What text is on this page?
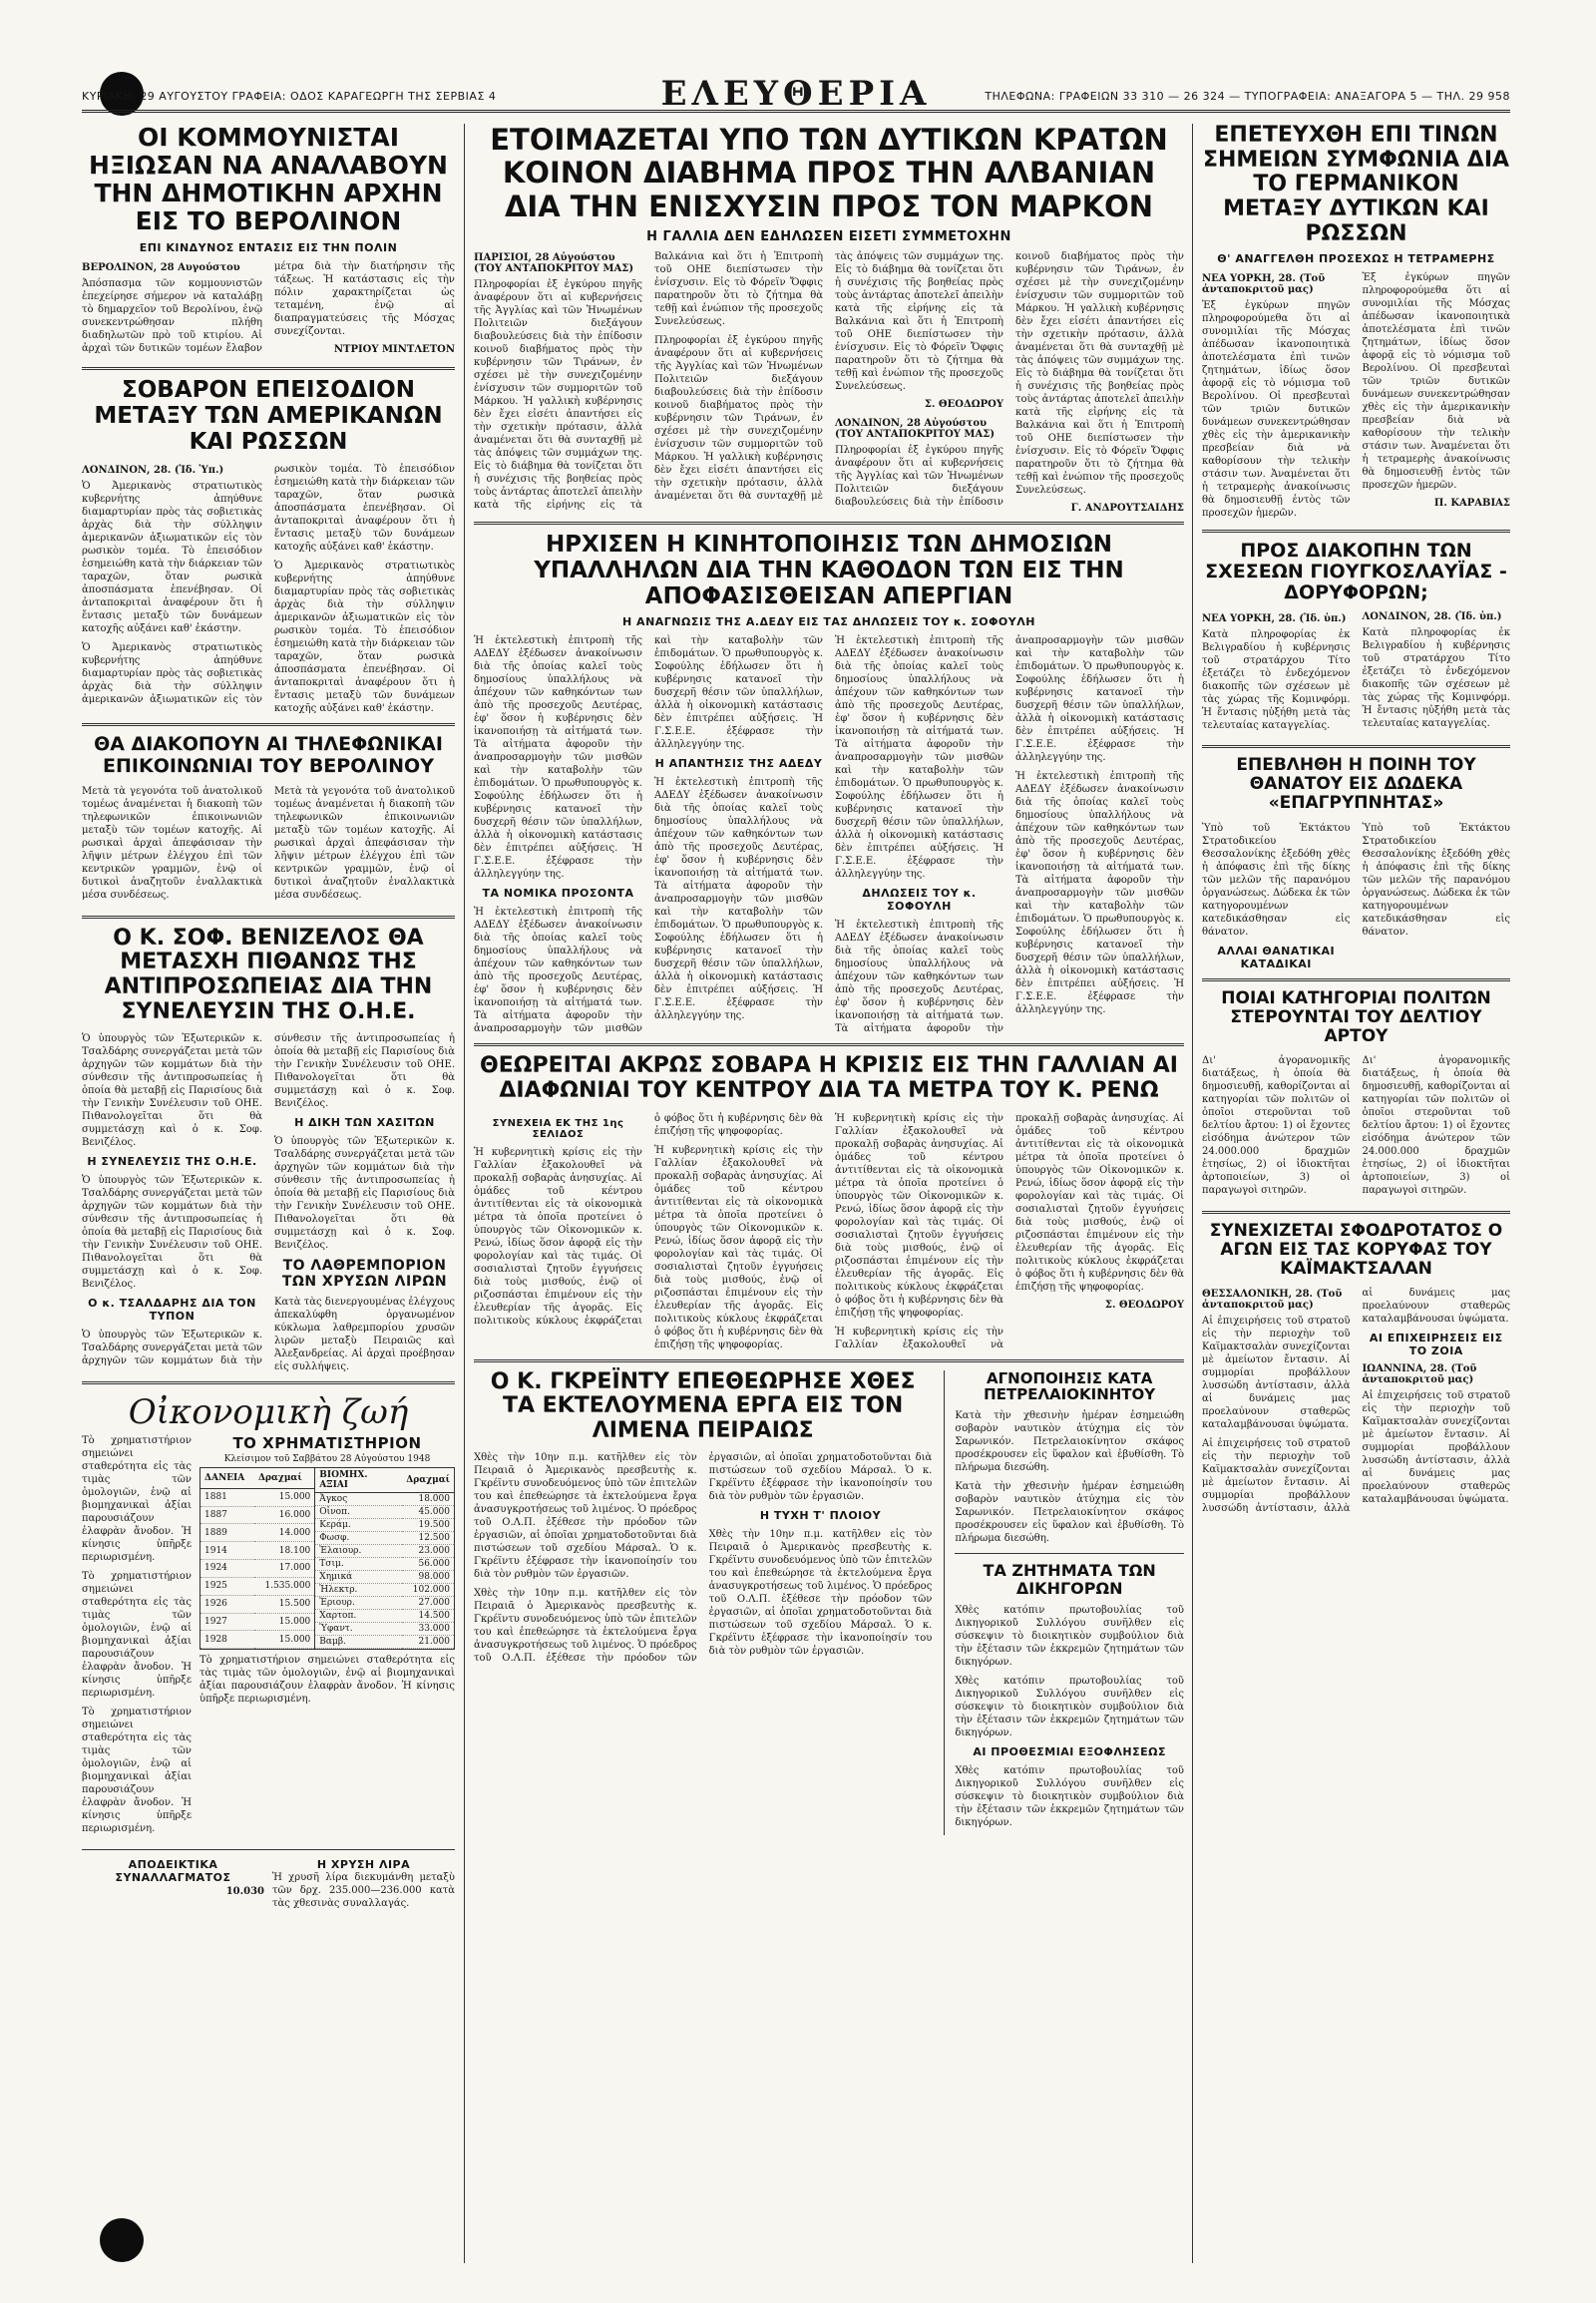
ΚΥΡΙΑΚΗ, 29 ΑΥΓΟΥΣΤΟΥ ΓΡΑΦΕΙΑ: ΟΔΟΣ ΚΑΡΑΓΕΩΡΓΗ ΤΗΣ ΣΕΡΒΙΑΣ 4	ΕΛΕΥΘΕΡΙΑ	ΤΗΛΕΦΩΝΑ: ΓΡΑΦΕΙΩΝ 33 310 — 26 324 — ΤΥΠΟΓΡΑΦΕΙΑ: ΑΝΑΞΑΓΟΡΑ 5 — ΤΗΛ. 29 958
ΟΙ ΚΟΜΜΟΥΝΙΣΤΑΙ ΗΞΙΩΣΑΝ ΝΑ ΑΝΑΛΑΒΟΥΝ ΤΗΝ ΔΗΜΟΤΙΚΗΝ ΑΡΧΗΝ ΕΙΣ ΤΟ ΒΕΡΟΛΙΝΟΝ
ΕΠΙ ΚΙΝΔΥΝΟΣ ΕΝΤΑΣΙΣ ΕΙΣ ΤΗΝ ΠΟΛΙΝ
ΒΕΡΟΛΙΝΟΝ, 28 Αυγούστου

Ἀπόσπασμα τῶν κομμουνιστῶν ἐπεχείρησε σήμερον νὰ καταλάβῃ τὸ δημαρχεῖον τοῦ Βερολίνου, ἐνῷ συνεκεντρώθησαν πλήθη διαδηλωτῶν πρὸ τοῦ κτιρίου. Αἱ ἀρχαὶ τῶν δυτικῶν τομέων ἔλαβον μέτρα διὰ τὴν διατήρησιν τῆς τάξεως. Ἡ κατάστασις εἰς τὴν πόλιν χαρακτηρίζεται ὡς τεταμένη, ἐνῷ αἱ διαπραγματεύσεις τῆς Μόσχας συνεχίζονται.

ΝΤΡΙΟΥ ΜΙΝΤΛΕΤΟΝ
ΣΟΒΑΡΟΝ ΕΠΕΙΣΟΔΙΟΝ ΜΕΤΑΞΥ ΤΩΝ ΑΜΕΡΙΚΑΝΩΝ ΚΑΙ ΡΩΣΣΩΝ
ΛΟΝΔΙΝΟΝ, 28. (Ἰδ. Ὑπ.)

Ὁ Ἀμερικανὸς στρατιωτικὸς κυβερνήτης ἀπηύθυνε διαμαρτυρίαν πρὸς τὰς σοβιετικὰς ἀρχὰς διὰ τὴν σύλληψιν ἀμερικανῶν ἀξιωματικῶν εἰς τὸν ρωσικὸν τομέα. Τὸ ἐπεισόδιον ἐσημειώθη κατὰ τὴν διάρκειαν τῶν ταραχῶν, ὅταν ρωσικὰ ἀποσπάσματα ἐπενέβησαν. Οἱ ἀνταποκριταὶ ἀναφέρουν ὅτι ἡ ἔντασις μεταξὺ τῶν δυνάμεων κατοχῆς αὐξάνει καθ' ἑκάστην.

Ὁ Ἀμερικανὸς στρατιωτικὸς κυβερνήτης ἀπηύθυνε διαμαρτυρίαν πρὸς τὰς σοβιετικὰς ἀρχὰς διὰ τὴν σύλληψιν ἀμερικανῶν ἀξιωματικῶν εἰς τὸν ρωσικὸν τομέα. Τὸ ἐπεισόδιον ἐσημειώθη κατὰ τὴν διάρκειαν τῶν ταραχῶν, ὅταν ρωσικὰ ἀποσπάσματα ἐπενέβησαν. Οἱ ἀνταποκριταὶ ἀναφέρουν ὅτι ἡ ἔντασις μεταξὺ τῶν δυνάμεων κατοχῆς αὐξάνει καθ' ἑκάστην.

Ὁ Ἀμερικανὸς στρατιωτικὸς κυβερνήτης ἀπηύθυνε διαμαρτυρίαν πρὸς τὰς σοβιετικὰς ἀρχὰς διὰ τὴν σύλληψιν ἀμερικανῶν ἀξιωματικῶν εἰς τὸν ρωσικὸν τομέα. Τὸ ἐπεισόδιον ἐσημειώθη κατὰ τὴν διάρκειαν τῶν ταραχῶν, ὅταν ρωσικὰ ἀποσπάσματα ἐπενέβησαν. Οἱ ἀνταποκριταὶ ἀναφέρουν ὅτι ἡ ἔντασις μεταξὺ τῶν δυνάμεων κατοχῆς αὐξάνει καθ' ἑκάστην.

ΘΑ ΔΙΑΚΟΠΟΥΝ ΑΙ ΤΗΛΕΦΩΝΙΚΑΙ ΕΠΙΚΟΙΝΩΝΙΑΙ ΤΟΥ ΒΕΡΟΛΙΝΟΥ

Μετὰ τὰ γεγονότα τοῦ ἀνατολικοῦ τομέως ἀναμένεται ἡ διακοπὴ τῶν τηλεφωνικῶν ἐπικοινωνιῶν μεταξὺ τῶν τομέων κατοχῆς. Αἱ ρωσικαὶ ἀρχαὶ ἀπεφάσισαν τὴν λῆψιν μέτρων ἐλέγχου ἐπὶ τῶν κεντρικῶν γραμμῶν, ἐνῷ οἱ δυτικοὶ ἀναζητοῦν ἐναλλακτικὰ μέσα συνδέσεως.

Μετὰ τὰ γεγονότα τοῦ ἀνατολικοῦ τομέως ἀναμένεται ἡ διακοπὴ τῶν τηλεφωνικῶν ἐπικοινωνιῶν μεταξὺ τῶν τομέων κατοχῆς. Αἱ ρωσικαὶ ἀρχαὶ ἀπεφάσισαν τὴν λῆψιν μέτρων ἐλέγχου ἐπὶ τῶν κεντρικῶν γραμμῶν, ἐνῷ οἱ δυτικοὶ ἀναζητοῦν ἐναλλακτικὰ μέσα συνδέσεως.

Ο Κ. ΣΟΦ. ΒΕΝΙΖΕΛΟΣ ΘΑ ΜΕΤΑΣΧΗ ΠΙΘΑΝΩΣ ΤΗΣ ΑΝΤΙΠΡΟΣΩΠΕΙΑΣ ΔΙΑ ΤΗΝ ΣΥΝΕΛΕΥΣΙΝ ΤΗΣ Ο.Η.Ε.

Ὁ ὑπουργὸς τῶν Ἐξωτερικῶν κ. Τσαλδάρης συνεργάζεται μετὰ τῶν ἀρχηγῶν τῶν κομμάτων διὰ τὴν σύνθεσιν τῆς ἀντιπροσωπείας ἡ ὁποία θὰ μεταβῇ εἰς Παρισίους διὰ τὴν Γενικὴν Συνέλευσιν τοῦ ΟΗΕ. Πιθανολογεῖται ὅτι θὰ συμμετάσχῃ καὶ ὁ κ. Σοφ. Βενιζέλος.

Η ΣΥΝΕΛΕΥΣΙΣ ΤΗΣ Ο.Η.Ε.

Ὁ ὑπουργὸς τῶν Ἐξωτερικῶν κ. Τσαλδάρης συνεργάζεται μετὰ τῶν ἀρχηγῶν τῶν κομμάτων διὰ τὴν σύνθεσιν τῆς ἀντιπροσωπείας ἡ ὁποία θὰ μεταβῇ εἰς Παρισίους διὰ τὴν Γενικὴν Συνέλευσιν τοῦ ΟΗΕ. Πιθανολογεῖται ὅτι θὰ συμμετάσχῃ καὶ ὁ κ. Σοφ. Βενιζέλος.

Ο κ. ΤΣΑΛΔΑΡΗΣ ΔΙΑ ΤΟΝ ΤΥΠΟΝ

Ὁ ὑπουργὸς τῶν Ἐξωτερικῶν κ. Τσαλδάρης συνεργάζεται μετὰ τῶν ἀρχηγῶν τῶν κομμάτων διὰ τὴν σύνθεσιν τῆς ἀντιπροσωπείας ἡ ὁποία θὰ μεταβῇ εἰς Παρισίους διὰ τὴν Γενικὴν Συνέλευσιν τοῦ ΟΗΕ. Πιθανολογεῖται ὅτι θὰ συμμετάσχῃ καὶ ὁ κ. Σοφ. Βενιζέλος.

Η ΔΙΚΗ ΤΩΝ ΧΑΣΙΤΩΝ

Ὁ ὑπουργὸς τῶν Ἐξωτερικῶν κ. Τσαλδάρης συνεργάζεται μετὰ τῶν ἀρχηγῶν τῶν κομμάτων διὰ τὴν σύνθεσιν τῆς ἀντιπροσωπείας ἡ ὁποία θὰ μεταβῇ εἰς Παρισίους διὰ τὴν Γενικὴν Συνέλευσιν τοῦ ΟΗΕ. Πιθανολογεῖται ὅτι θὰ συμμετάσχῃ καὶ ὁ κ. Σοφ. Βενιζέλος.

ΤΟ ΛΑΘΡΕΜΠΟΡΙΟΝ ΤΩΝ ΧΡΥΣΩΝ ΛΙΡΩΝ

Κατὰ τὰς διενεργουμένας ἐλέγχους ἀπεκαλύφθη ὀργανωμένον κύκλωμα λαθρεμπορίου χρυσῶν λιρῶν μεταξὺ Πειραιῶς καὶ Ἀλεξανδρείας. Αἱ ἀρχαὶ προέβησαν εἰς συλλήψεις.

Οἰκονομικὴ ζωή

Τὸ χρηματιστήριον σημειώνει σταθερότητα εἰς τὰς τιμὰς τῶν ὁμολογιῶν, ἐνῷ αἱ βιομηχανικαὶ ἀξίαι παρουσιάζουν ἐλαφρὰν ἄνοδον. Ἡ κίνησις ὑπῆρξε περιωρισμένη.

Τὸ χρηματιστήριον σημειώνει σταθερότητα εἰς τὰς τιμὰς τῶν ὁμολογιῶν, ἐνῷ αἱ βιομηχανικαὶ ἀξίαι παρουσιάζουν ἐλαφρὰν ἄνοδον. Ἡ κίνησις ὑπῆρξε περιωρισμένη.

Τὸ χρηματιστήριον σημειώνει σταθερότητα εἰς τὰς τιμὰς τῶν ὁμολογιῶν, ἐνῷ αἱ βιομηχανικαὶ ἀξίαι παρουσιάζουν ἐλαφρὰν ἄνοδον. Ἡ κίνησις ὑπῆρξε περιωρισμένη.

ΤΟ ΧΡΗΜΑΤΙΣΤΗΡΙΟΝ
Κλείσιμον τοῦ Σαββάτου 28 Αὐγούστου 1948
ΔΑΝΕΙΑ	Δραχμαί
1881	15.000
1887	16.000
1889	14.000
1914	18.100
1924	17.000
1925	1.535.000
1926	15.500
1927	15.000
1928	15.000
ΒΙΟΜΗΧ. ΑΞΙΑΙ	Δραχμαί
Ἀγκος	18.000
Οἰνοπ.	45.000
Κεράμ.	19.500
Φωσφ.	12.500
Ἐλαιουρ.	23.000
Τσιμ.	56.000
Χημικά	98.000
Ἡλεκτρ.	102.000
Ἐριουρ.	27.000
Χαρτοπ.	14.500
Ὑφαντ.	33.000
Βαμβ.	21.000

Τὸ χρηματιστήριον σημειώνει σταθερότητα εἰς τὰς τιμὰς τῶν ὁμολογιῶν, ἐνῷ αἱ βιομηχανικαὶ ἀξίαι παρουσιάζουν ἐλαφρὰν ἄνοδον. Ἡ κίνησις ὑπῆρξε περιωρισμένη.

ΑΠΟΔΕΙΚΤΙΚΑ ΣΥΝΑΛΛΑΓΜΑΤΟΣ
10.030
Η ΧΡΥΣΗ ΛΙΡΑ

Ἡ χρυσῆ λίρα διεκυμάνθη μεταξὺ τῶν δρχ. 235.000—236.000 κατὰ τὰς χθεσινὰς συναλλαγάς.

ΕΤΟΙΜΑΖΕΤΑΙ ΥΠΟ ΤΩΝ ΔΥΤΙΚΩΝ ΚΡΑΤΩΝ ΚΟΙΝΟΝ ΔΙΑΒΗΜΑ ΠΡΟΣ ΤΗΝ ΑΛΒΑΝΙΑΝ ΔΙΑ ΤΗΝ ΕΝΙΣΧΥΣΙΝ ΠΡΟΣ ΤΟΝ ΜΑΡΚΟΝ
Η ΓΑΛΛΙΑ ΔΕΝ ΕΔΗΛΩΣΕΝ ΕΙΣΕΤΙ ΣΥΜΜΕΤΟΧΗΝ
ΠΑΡΙΣΙΟΙ, 28 Αὐγούστου (ΤΟΥ ΑΝΤΑΠΟΚΡΙΤΟΥ ΜΑΣ)

Πληροφορίαι ἐξ ἐγκύρου πηγῆς ἀναφέρουν ὅτι αἱ κυβερνήσεις τῆς Ἀγγλίας καὶ τῶν Ἡνωμένων Πολιτειῶν διεξάγουν διαβουλεύσεις διὰ τὴν ἐπίδοσιν κοινοῦ διαβήματος πρὸς τὴν κυβέρνησιν τῶν Τιράνων, ἐν σχέσει μὲ τὴν συνεχιζομένην ἐνίσχυσιν τῶν συμμοριτῶν τοῦ Μάρκου. Ἡ γαλλικὴ κυβέρνησις δὲν ἔχει εἰσέτι ἀπαντήσει εἰς τὴν σχετικὴν πρότασιν, ἀλλὰ ἀναμένεται ὅτι θὰ συνταχθῇ μὲ τὰς ἀπόψεις τῶν συμμάχων της. Εἰς τὸ διάβημα θὰ τονίζεται ὅτι ἡ συνέχισις τῆς βοηθείας πρὸς τοὺς ἀντάρτας ἀποτελεῖ ἀπειλὴν κατὰ τῆς εἰρήνης εἰς τὰ Βαλκάνια καὶ ὅτι ἡ Ἐπιτροπὴ τοῦ ΟΗΕ διεπίστωσεν τὴν ἐνίσχυσιν. Εἰς τὸ Φόρεϊν Ὄφφις παρατηροῦν ὅτι τὸ ζήτημα θὰ τεθῇ καὶ ἐνώπιον τῆς προσεχοῦς Συνελεύσεως.

Πληροφορίαι ἐξ ἐγκύρου πηγῆς ἀναφέρουν ὅτι αἱ κυβερνήσεις τῆς Ἀγγλίας καὶ τῶν Ἡνωμένων Πολιτειῶν διεξάγουν διαβουλεύσεις διὰ τὴν ἐπίδοσιν κοινοῦ διαβήματος πρὸς τὴν κυβέρνησιν τῶν Τιράνων, ἐν σχέσει μὲ τὴν συνεχιζομένην ἐνίσχυσιν τῶν συμμοριτῶν τοῦ Μάρκου. Ἡ γαλλικὴ κυβέρνησις δὲν ἔχει εἰσέτι ἀπαντήσει εἰς τὴν σχετικὴν πρότασιν, ἀλλὰ ἀναμένεται ὅτι θὰ συνταχθῇ μὲ τὰς ἀπόψεις τῶν συμμάχων της. Εἰς τὸ διάβημα θὰ τονίζεται ὅτι ἡ συνέχισις τῆς βοηθείας πρὸς τοὺς ἀντάρτας ἀποτελεῖ ἀπειλὴν κατὰ τῆς εἰρήνης εἰς τὰ Βαλκάνια καὶ ὅτι ἡ Ἐπιτροπὴ τοῦ ΟΗΕ διεπίστωσεν τὴν ἐνίσχυσιν. Εἰς τὸ Φόρεϊν Ὄφφις παρατηροῦν ὅτι τὸ ζήτημα θὰ τεθῇ καὶ ἐνώπιον τῆς προσεχοῦς Συνελεύσεως.

Σ. ΘΕΟΔΩΡΟΥ
ΛΟΝΔΙΝΟΝ, 28 Αὐγούστου (ΤΟΥ ΑΝΤΑΠΟΚΡΙΤΟΥ ΜΑΣ)

Πληροφορίαι ἐξ ἐγκύρου πηγῆς ἀναφέρουν ὅτι αἱ κυβερνήσεις τῆς Ἀγγλίας καὶ τῶν Ἡνωμένων Πολιτειῶν διεξάγουν διαβουλεύσεις διὰ τὴν ἐπίδοσιν κοινοῦ διαβήματος πρὸς τὴν κυβέρνησιν τῶν Τιράνων, ἐν σχέσει μὲ τὴν συνεχιζομένην ἐνίσχυσιν τῶν συμμοριτῶν τοῦ Μάρκου. Ἡ γαλλικὴ κυβέρνησις δὲν ἔχει εἰσέτι ἀπαντήσει εἰς τὴν σχετικὴν πρότασιν, ἀλλὰ ἀναμένεται ὅτι θὰ συνταχθῇ μὲ τὰς ἀπόψεις τῶν συμμάχων της. Εἰς τὸ διάβημα θὰ τονίζεται ὅτι ἡ συνέχισις τῆς βοηθείας πρὸς τοὺς ἀντάρτας ἀποτελεῖ ἀπειλὴν κατὰ τῆς εἰρήνης εἰς τὰ Βαλκάνια καὶ ὅτι ἡ Ἐπιτροπὴ τοῦ ΟΗΕ διεπίστωσεν τὴν ἐνίσχυσιν. Εἰς τὸ Φόρεϊν Ὄφφις παρατηροῦν ὅτι τὸ ζήτημα θὰ τεθῇ καὶ ἐνώπιον τῆς προσεχοῦς Συνελεύσεως.

Γ. ΑΝΔΡΟΥΤΣΑΙΔΗΣ
ΗΡΧΙΣΕΝ Η ΚΙΝΗΤΟΠΟΙΗΣΙΣ ΤΩΝ ΔΗΜΟΣΙΩΝ ΥΠΑΛΛΗΛΩΝ ΔΙΑ ΤΗΝ ΚΑΘΟΔΟΝ ΤΩΝ ΕΙΣ ΤΗΝ ΑΠΟΦΑΣΙΣΘΕΙΣΑΝ ΑΠΕΡΓΙΑΝ
Η ΑΝΑΓΝΩΣΙΣ ΤΗΣ Α.ΔΕΔΥ ΕΙΣ ΤΑΣ ΔΗΛΩΣΕΙΣ ΤΟΥ κ. ΣΟΦΟΥΛΗ

Ἡ ἐκτελεστικὴ ἐπιτροπὴ τῆς ΑΔΕΔΥ ἐξέδωσεν ἀνακοίνωσιν διὰ τῆς ὁποίας καλεῖ τοὺς δημοσίους ὑπαλλήλους νὰ ἀπέχουν τῶν καθηκόντων των ἀπὸ τῆς προσεχοῦς Δευτέρας, ἐφ' ὅσον ἡ κυβέρνησις δὲν ἱκανοποιήσῃ τὰ αἰτήματά των. Τὰ αἰτήματα ἀφοροῦν τὴν ἀναπροσαρμογὴν τῶν μισθῶν καὶ τὴν καταβολὴν τῶν ἐπιδομάτων. Ὁ πρωθυπουργὸς κ. Σοφούλης ἐδήλωσεν ὅτι ἡ κυβέρνησις κατανοεῖ τὴν δυσχερῆ θέσιν τῶν ὑπαλλήλων, ἀλλὰ ἡ οἰκονομικὴ κατάστασις δὲν ἐπιτρέπει αὐξήσεις. Ἡ Γ.Σ.Ε.Ε. ἐξέφρασε τὴν ἀλληλεγγύην της.

ΤΑ ΝΟΜΙΚΑ ΠΡΟΣΟΝΤΑ

Ἡ ἐκτελεστικὴ ἐπιτροπὴ τῆς ΑΔΕΔΥ ἐξέδωσεν ἀνακοίνωσιν διὰ τῆς ὁποίας καλεῖ τοὺς δημοσίους ὑπαλλήλους νὰ ἀπέχουν τῶν καθηκόντων των ἀπὸ τῆς προσεχοῦς Δευτέρας, ἐφ' ὅσον ἡ κυβέρνησις δὲν ἱκανοποιήσῃ τὰ αἰτήματά των. Τὰ αἰτήματα ἀφοροῦν τὴν ἀναπροσαρμογὴν τῶν μισθῶν καὶ τὴν καταβολὴν τῶν ἐπιδομάτων. Ὁ πρωθυπουργὸς κ. Σοφούλης ἐδήλωσεν ὅτι ἡ κυβέρνησις κατανοεῖ τὴν δυσχερῆ θέσιν τῶν ὑπαλλήλων, ἀλλὰ ἡ οἰκονομικὴ κατάστασις δὲν ἐπιτρέπει αὐξήσεις. Ἡ Γ.Σ.Ε.Ε. ἐξέφρασε τὴν ἀλληλεγγύην της.

Η ΑΠΑΝΤΗΣΙΣ ΤΗΣ ΑΔΕΔΥ

Ἡ ἐκτελεστικὴ ἐπιτροπὴ τῆς ΑΔΕΔΥ ἐξέδωσεν ἀνακοίνωσιν διὰ τῆς ὁποίας καλεῖ τοὺς δημοσίους ὑπαλλήλους νὰ ἀπέχουν τῶν καθηκόντων των ἀπὸ τῆς προσεχοῦς Δευτέρας, ἐφ' ὅσον ἡ κυβέρνησις δὲν ἱκανοποιήσῃ τὰ αἰτήματά των. Τὰ αἰτήματα ἀφοροῦν τὴν ἀναπροσαρμογὴν τῶν μισθῶν καὶ τὴν καταβολὴν τῶν ἐπιδομάτων. Ὁ πρωθυπουργὸς κ. Σοφούλης ἐδήλωσεν ὅτι ἡ κυβέρνησις κατανοεῖ τὴν δυσχερῆ θέσιν τῶν ὑπαλλήλων, ἀλλὰ ἡ οἰκονομικὴ κατάστασις δὲν ἐπιτρέπει αὐξήσεις. Ἡ Γ.Σ.Ε.Ε. ἐξέφρασε τὴν ἀλληλεγγύην της.

Ἡ ἐκτελεστικὴ ἐπιτροπὴ τῆς ΑΔΕΔΥ ἐξέδωσεν ἀνακοίνωσιν διὰ τῆς ὁποίας καλεῖ τοὺς δημοσίους ὑπαλλήλους νὰ ἀπέχουν τῶν καθηκόντων των ἀπὸ τῆς προσεχοῦς Δευτέρας, ἐφ' ὅσον ἡ κυβέρνησις δὲν ἱκανοποιήσῃ τὰ αἰτήματά των. Τὰ αἰτήματα ἀφοροῦν τὴν ἀναπροσαρμογὴν τῶν μισθῶν καὶ τὴν καταβολὴν τῶν ἐπιδομάτων. Ὁ πρωθυπουργὸς κ. Σοφούλης ἐδήλωσεν ὅτι ἡ κυβέρνησις κατανοεῖ τὴν δυσχερῆ θέσιν τῶν ὑπαλλήλων, ἀλλὰ ἡ οἰκονομικὴ κατάστασις δὲν ἐπιτρέπει αὐξήσεις. Ἡ Γ.Σ.Ε.Ε. ἐξέφρασε τὴν ἀλληλεγγύην της.

ΔΗΛΩΣΕΙΣ ΤΟΥ κ. ΣΟΦΟΥΛΗ

Ἡ ἐκτελεστικὴ ἐπιτροπὴ τῆς ΑΔΕΔΥ ἐξέδωσεν ἀνακοίνωσιν διὰ τῆς ὁποίας καλεῖ τοὺς δημοσίους ὑπαλλήλους νὰ ἀπέχουν τῶν καθηκόντων των ἀπὸ τῆς προσεχοῦς Δευτέρας, ἐφ' ὅσον ἡ κυβέρνησις δὲν ἱκανοποιήσῃ τὰ αἰτήματά των. Τὰ αἰτήματα ἀφοροῦν τὴν ἀναπροσαρμογὴν τῶν μισθῶν καὶ τὴν καταβολὴν τῶν ἐπιδομάτων. Ὁ πρωθυπουργὸς κ. Σοφούλης ἐδήλωσεν ὅτι ἡ κυβέρνησις κατανοεῖ τὴν δυσχερῆ θέσιν τῶν ὑπαλλήλων, ἀλλὰ ἡ οἰκονομικὴ κατάστασις δὲν ἐπιτρέπει αὐξήσεις. Ἡ Γ.Σ.Ε.Ε. ἐξέφρασε τὴν ἀλληλεγγύην της.

Ἡ ἐκτελεστικὴ ἐπιτροπὴ τῆς ΑΔΕΔΥ ἐξέδωσεν ἀνακοίνωσιν διὰ τῆς ὁποίας καλεῖ τοὺς δημοσίους ὑπαλλήλους νὰ ἀπέχουν τῶν καθηκόντων των ἀπὸ τῆς προσεχοῦς Δευτέρας, ἐφ' ὅσον ἡ κυβέρνησις δὲν ἱκανοποιήσῃ τὰ αἰτήματά των. Τὰ αἰτήματα ἀφοροῦν τὴν ἀναπροσαρμογὴν τῶν μισθῶν καὶ τὴν καταβολὴν τῶν ἐπιδομάτων. Ὁ πρωθυπουργὸς κ. Σοφούλης ἐδήλωσεν ὅτι ἡ κυβέρνησις κατανοεῖ τὴν δυσχερῆ θέσιν τῶν ὑπαλλήλων, ἀλλὰ ἡ οἰκονομικὴ κατάστασις δὲν ἐπιτρέπει αὐξήσεις. Ἡ Γ.Σ.Ε.Ε. ἐξέφρασε τὴν ἀλληλεγγύην της.

ΘΕΩΡΕΙΤΑΙ ΑΚΡΩΣ ΣΟΒΑΡΑ Η ΚΡΙΣΙΣ ΕΙΣ ΤΗΝ ΓΑΛΛΙΑΝ ΑΙ ΔΙΑΦΩΝΙΑΙ ΤΟΥ ΚΕΝΤΡΟΥ ΔΙΑ ΤΑ ΜΕΤΡΑ ΤΟΥ Κ. ΡΕΝΩ
ΣΥΝΕΧΕΙΑ ΕΚ ΤΗΣ 1ης ΣΕΛΙΔΟΣ

Ἡ κυβερνητικὴ κρίσις εἰς τὴν Γαλλίαν ἐξακολουθεῖ νὰ προκαλῇ σοβαρὰς ἀνησυχίας. Αἱ ὁμάδες τοῦ κέντρου ἀντιτίθενται εἰς τὰ οἰκονομικὰ μέτρα τὰ ὁποῖα προτείνει ὁ ὑπουργὸς τῶν Οἰκονομικῶν κ. Ρενώ, ἰδίως ὅσον ἀφορᾷ εἰς τὴν φορολογίαν καὶ τὰς τιμάς. Οἱ σοσιαλισταὶ ζητοῦν ἐγγυήσεις διὰ τοὺς μισθούς, ἐνῷ οἱ ριζοσπάσται ἐπιμένουν εἰς τὴν ἐλευθερίαν τῆς ἀγορᾶς. Εἰς πολιτικοὺς κύκλους ἐκφράζεται ὁ φόβος ὅτι ἡ κυβέρνησις δὲν θὰ ἐπιζήσῃ τῆς ψηφοφορίας.

Ἡ κυβερνητικὴ κρίσις εἰς τὴν Γαλλίαν ἐξακολουθεῖ νὰ προκαλῇ σοβαρὰς ἀνησυχίας. Αἱ ὁμάδες τοῦ κέντρου ἀντιτίθενται εἰς τὰ οἰκονομικὰ μέτρα τὰ ὁποῖα προτείνει ὁ ὑπουργὸς τῶν Οἰκονομικῶν κ. Ρενώ, ἰδίως ὅσον ἀφορᾷ εἰς τὴν φορολογίαν καὶ τὰς τιμάς. Οἱ σοσιαλισταὶ ζητοῦν ἐγγυήσεις διὰ τοὺς μισθούς, ἐνῷ οἱ ριζοσπάσται ἐπιμένουν εἰς τὴν ἐλευθερίαν τῆς ἀγορᾶς. Εἰς πολιτικοὺς κύκλους ἐκφράζεται ὁ φόβος ὅτι ἡ κυβέρνησις δὲν θὰ ἐπιζήσῃ τῆς ψηφοφορίας.

Ἡ κυβερνητικὴ κρίσις εἰς τὴν Γαλλίαν ἐξακολουθεῖ νὰ προκαλῇ σοβαρὰς ἀνησυχίας. Αἱ ὁμάδες τοῦ κέντρου ἀντιτίθενται εἰς τὰ οἰκονομικὰ μέτρα τὰ ὁποῖα προτείνει ὁ ὑπουργὸς τῶν Οἰκονομικῶν κ. Ρενώ, ἰδίως ὅσον ἀφορᾷ εἰς τὴν φορολογίαν καὶ τὰς τιμάς. Οἱ σοσιαλισταὶ ζητοῦν ἐγγυήσεις διὰ τοὺς μισθούς, ἐνῷ οἱ ριζοσπάσται ἐπιμένουν εἰς τὴν ἐλευθερίαν τῆς ἀγορᾶς. Εἰς πολιτικοὺς κύκλους ἐκφράζεται ὁ φόβος ὅτι ἡ κυβέρνησις δὲν θὰ ἐπιζήσῃ τῆς ψηφοφορίας.

Ἡ κυβερνητικὴ κρίσις εἰς τὴν Γαλλίαν ἐξακολουθεῖ νὰ προκαλῇ σοβαρὰς ἀνησυχίας. Αἱ ὁμάδες τοῦ κέντρου ἀντιτίθενται εἰς τὰ οἰκονομικὰ μέτρα τὰ ὁποῖα προτείνει ὁ ὑπουργὸς τῶν Οἰκονομικῶν κ. Ρενώ, ἰδίως ὅσον ἀφορᾷ εἰς τὴν φορολογίαν καὶ τὰς τιμάς. Οἱ σοσιαλισταὶ ζητοῦν ἐγγυήσεις διὰ τοὺς μισθούς, ἐνῷ οἱ ριζοσπάσται ἐπιμένουν εἰς τὴν ἐλευθερίαν τῆς ἀγορᾶς. Εἰς πολιτικοὺς κύκλους ἐκφράζεται ὁ φόβος ὅτι ἡ κυβέρνησις δὲν θὰ ἐπιζήσῃ τῆς ψηφοφορίας.

Σ. ΘΕΟΔΩΡΟΥ
Ο Κ. ΓΚΡΕΪΝΤΥ ΕΠΕΘΕΩΡΗΣΕ ΧΘΕΣ ΤΑ ΕΚΤΕΛΟΥΜΕΝΑ ΕΡΓΑ ΕΙΣ ΤΟΝ ΛΙΜΕΝΑ ΠΕΙΡΑΙΩΣ

Χθὲς τὴν 10ην π.μ. κατῆλθεν εἰς τὸν Πειραιᾶ ὁ Ἀμερικανὸς πρεσβευτὴς κ. Γκρέϊντυ συνοδευόμενος ὑπὸ τῶν ἐπιτελῶν του καὶ ἐπεθεώρησε τὰ ἐκτελούμενα ἔργα ἀνασυγκροτήσεως τοῦ λιμένος. Ὁ πρόεδρος τοῦ Ο.Λ.Π. ἐξέθεσε τὴν πρόοδον τῶν ἐργασιῶν, αἱ ὁποῖαι χρηματοδοτοῦνται διὰ πιστώσεων τοῦ σχεδίου Μάρσαλ. Ὁ κ. Γκρέϊντυ ἐξέφρασε τὴν ἱκανοποίησίν του διὰ τὸν ρυθμὸν τῶν ἐργασιῶν.

Χθὲς τὴν 10ην π.μ. κατῆλθεν εἰς τὸν Πειραιᾶ ὁ Ἀμερικανὸς πρεσβευτὴς κ. Γκρέϊντυ συνοδευόμενος ὑπὸ τῶν ἐπιτελῶν του καὶ ἐπεθεώρησε τὰ ἐκτελούμενα ἔργα ἀνασυγκροτήσεως τοῦ λιμένος. Ὁ πρόεδρος τοῦ Ο.Λ.Π. ἐξέθεσε τὴν πρόοδον τῶν ἐργασιῶν, αἱ ὁποῖαι χρηματοδοτοῦνται διὰ πιστώσεων τοῦ σχεδίου Μάρσαλ. Ὁ κ. Γκρέϊντυ ἐξέφρασε τὴν ἱκανοποίησίν του διὰ τὸν ρυθμὸν τῶν ἐργασιῶν.

Η ΤΥΧΗ Τ' ΠΛΟΙΟΥ

Χθὲς τὴν 10ην π.μ. κατῆλθεν εἰς τὸν Πειραιᾶ ὁ Ἀμερικανὸς πρεσβευτὴς κ. Γκρέϊντυ συνοδευόμενος ὑπὸ τῶν ἐπιτελῶν του καὶ ἐπεθεώρησε τὰ ἐκτελούμενα ἔργα ἀνασυγκροτήσεως τοῦ λιμένος. Ὁ πρόεδρος τοῦ Ο.Λ.Π. ἐξέθεσε τὴν πρόοδον τῶν ἐργασιῶν, αἱ ὁποῖαι χρηματοδοτοῦνται διὰ πιστώσεων τοῦ σχεδίου Μάρσαλ. Ὁ κ. Γκρέϊντυ ἐξέφρασε τὴν ἱκανοποίησίν του διὰ τὸν ρυθμὸν τῶν ἐργασιῶν.

ΑΓΝΟΠΟΙΗΣΙΣ ΚΑΤΑ ΠΕΤΡΕΛΑΙΟΚΙΝΗΤΟΥ

Κατὰ τὴν χθεσινὴν ἡμέραν ἐσημειώθη σοβαρὸν ναυτικὸν ἀτύχημα εἰς τὸν Σαρωνικόν. Πετρελαιοκίνητον σκάφος προσέκρουσεν εἰς ὕφαλον καὶ ἐβυθίσθη. Τὸ πλήρωμα διεσώθη.

Κατὰ τὴν χθεσινὴν ἡμέραν ἐσημειώθη σοβαρὸν ναυτικὸν ἀτύχημα εἰς τὸν Σαρωνικόν. Πετρελαιοκίνητον σκάφος προσέκρουσεν εἰς ὕφαλον καὶ ἐβυθίσθη. Τὸ πλήρωμα διεσώθη.

ΤΑ ΖΗΤΗΜΑΤΑ ΤΩΝ ΔΙΚΗΓΟΡΩΝ

Χθὲς κατόπιν πρωτοβουλίας τοῦ Δικηγορικοῦ Συλλόγου συνῆλθεν εἰς σύσκεψιν τὸ διοικητικὸν συμβούλιον διὰ τὴν ἐξέτασιν τῶν ἐκκρεμῶν ζητημάτων τῶν δικηγόρων.

Χθὲς κατόπιν πρωτοβουλίας τοῦ Δικηγορικοῦ Συλλόγου συνῆλθεν εἰς σύσκεψιν τὸ διοικητικὸν συμβούλιον διὰ τὴν ἐξέτασιν τῶν ἐκκρεμῶν ζητημάτων τῶν δικηγόρων.

ΑΙ ΠΡΟΘΕΣΜΙΑΙ ΕΞΟΦΛΗΣΕΩΣ

Χθὲς κατόπιν πρωτοβουλίας τοῦ Δικηγορικοῦ Συλλόγου συνῆλθεν εἰς σύσκεψιν τὸ διοικητικὸν συμβούλιον διὰ τὴν ἐξέτασιν τῶν ἐκκρεμῶν ζητημάτων τῶν δικηγόρων.

ΕΠΕΤΕΥΧΘΗ ΕΠΙ ΤΙΝΩΝ ΣΗΜΕΙΩΝ ΣΥΜΦΩΝΙΑ ΔΙΑ ΤΟ ΓΕΡΜΑΝΙΚΟΝ ΜΕΤΑΞΥ ΔΥΤΙΚΩΝ ΚΑΙ ΡΩΣΣΩΝ
Θ' ΑΝΑΓΓΕΛΘΗ ΠΡΟΣΕΧΩΣ Η ΤΕΤΡΑΜΕΡΗΣ
ΝΕΑ ΥΟΡΚΗ, 28. (Τοῦ ἀνταποκριτοῦ μας)

Ἐξ ἐγκύρων πηγῶν πληροφορούμεθα ὅτι αἱ συνομιλίαι τῆς Μόσχας ἀπέδωσαν ἱκανοποιητικὰ ἀποτελέσματα ἐπὶ τινῶν ζητημάτων, ἰδίως ὅσον ἀφορᾷ εἰς τὸ νόμισμα τοῦ Βερολίνου. Οἱ πρεσβευταὶ τῶν τριῶν δυτικῶν δυνάμεων συνεκεντρώθησαν χθὲς εἰς τὴν ἀμερικανικὴν πρεσβείαν διὰ νὰ καθορίσουν τὴν τελικὴν στάσιν των. Ἀναμένεται ὅτι ἡ τετραμερὴς ἀνακοίνωσις θὰ δημοσιευθῇ ἐντὸς τῶν προσεχῶν ἡμερῶν.

Ἐξ ἐγκύρων πηγῶν πληροφορούμεθα ὅτι αἱ συνομιλίαι τῆς Μόσχας ἀπέδωσαν ἱκανοποιητικὰ ἀποτελέσματα ἐπὶ τινῶν ζητημάτων, ἰδίως ὅσον ἀφορᾷ εἰς τὸ νόμισμα τοῦ Βερολίνου. Οἱ πρεσβευταὶ τῶν τριῶν δυτικῶν δυνάμεων συνεκεντρώθησαν χθὲς εἰς τὴν ἀμερικανικὴν πρεσβείαν διὰ νὰ καθορίσουν τὴν τελικὴν στάσιν των. Ἀναμένεται ὅτι ἡ τετραμερὴς ἀνακοίνωσις θὰ δημοσιευθῇ ἐντὸς τῶν προσεχῶν ἡμερῶν.

Π. ΚΑΡΑΒΙΑΣ
ΠΡΟΣ ΔΙΑΚΟΠΗΝ ΤΩΝ ΣΧΕΣΕΩΝ ΓΙΟΥΓΚΟΣΛΑΥΪΑΣ - ΔΟΡΥΦΟΡΩΝ;
ΝΕΑ ΥΟΡΚΗ, 28. (Ἰδ. ὑπ.)

Κατὰ πληροφορίας ἐκ Βελιγραδίου ἡ κυβέρνησις τοῦ στρατάρχου Τίτο ἐξετάζει τὸ ἐνδεχόμενον διακοπῆς τῶν σχέσεων μὲ τὰς χώρας τῆς Κομινφόρμ. Ἡ ἔντασις ηὐξήθη μετὰ τὰς τελευταίας καταγγελίας.

ΛΟΝΔΙΝΟΝ, 28. (Ἰδ. ὑπ.)

Κατὰ πληροφορίας ἐκ Βελιγραδίου ἡ κυβέρνησις τοῦ στρατάρχου Τίτο ἐξετάζει τὸ ἐνδεχόμενον διακοπῆς τῶν σχέσεων μὲ τὰς χώρας τῆς Κομινφόρμ. Ἡ ἔντασις ηὐξήθη μετὰ τὰς τελευταίας καταγγελίας.

ΕΠΕΒΛΗΘΗ Η ΠΟΙΝΗ ΤΟΥ ΘΑΝΑΤΟΥ ΕΙΣ ΔΩΔΕΚΑ «ΕΠΑΓΡΥΠΝΗΤΑΣ»

Ὑπὸ τοῦ Ἐκτάκτου Στρατοδικείου Θεσσαλονίκης ἐξεδόθη χθὲς ἡ ἀπόφασις ἐπὶ τῆς δίκης τῶν μελῶν τῆς παρανόμου ὀργανώσεως. Δώδεκα ἐκ τῶν κατηγορουμένων κατεδικάσθησαν εἰς θάνατον.

ΑΛΛΑΙ ΘΑΝΑΤΙΚΑΙ ΚΑΤΑΔΙΚΑΙ

Ὑπὸ τοῦ Ἐκτάκτου Στρατοδικείου Θεσσαλονίκης ἐξεδόθη χθὲς ἡ ἀπόφασις ἐπὶ τῆς δίκης τῶν μελῶν τῆς παρανόμου ὀργανώσεως. Δώδεκα ἐκ τῶν κατηγορουμένων κατεδικάσθησαν εἰς θάνατον.

ΠΟΙΑΙ ΚΑΤΗΓΟΡΙΑΙ ΠΟΛΙΤΩΝ ΣΤΕΡΟΥΝΤΑΙ ΤΟΥ ΔΕΛΤΙΟΥ ΑΡΤΟΥ

Δι' ἀγορανομικῆς διατάξεως, ἡ ὁποία θὰ δημοσιευθῇ, καθορίζονται αἱ κατηγορίαι τῶν πολιτῶν οἱ ὁποῖοι στεροῦνται τοῦ δελτίου ἄρτου: 1) οἱ ἔχοντες εἰσόδημα ἀνώτερον τῶν 24.000.000 δραχμῶν ἐτησίως, 2) οἱ ἰδιοκτῆται ἀρτοποιείων, 3) οἱ παραγωγοὶ σιτηρῶν.

Δι' ἀγορανομικῆς διατάξεως, ἡ ὁποία θὰ δημοσιευθῇ, καθορίζονται αἱ κατηγορίαι τῶν πολιτῶν οἱ ὁποῖοι στεροῦνται τοῦ δελτίου ἄρτου: 1) οἱ ἔχοντες εἰσόδημα ἀνώτερον τῶν 24.000.000 δραχμῶν ἐτησίως, 2) οἱ ἰδιοκτῆται ἀρτοποιείων, 3) οἱ παραγωγοὶ σιτηρῶν.

ΣΥΝΕΧΙΖΕΤΑΙ ΣΦΟΔΡΟΤΑΤΟΣ Ο ΑΓΩΝ ΕΙΣ ΤΑΣ ΚΟΡΥΦΑΣ ΤΟΥ ΚΑΪΜΑΚΤΣΑΛΑΝ
ΘΕΣΣΑΛΟΝΙΚΗ, 28. (Τοῦ ἀνταποκριτοῦ μας)

Αἱ ἐπιχειρήσεις τοῦ στρατοῦ εἰς τὴν περιοχὴν τοῦ Καϊμακτσαλὰν συνεχίζονται μὲ ἀμείωτον ἔντασιν. Αἱ συμμορίαι προβάλλουν λυσσώδη ἀντίστασιν, ἀλλὰ αἱ δυνάμεις μας προελαύνουν σταθερῶς καταλαμβάνουσαι ὑψώματα.

Αἱ ἐπιχειρήσεις τοῦ στρατοῦ εἰς τὴν περιοχὴν τοῦ Καϊμακτσαλὰν συνεχίζονται μὲ ἀμείωτον ἔντασιν. Αἱ συμμορίαι προβάλλουν λυσσώδη ἀντίστασιν, ἀλλὰ αἱ δυνάμεις μας προελαύνουν σταθερῶς καταλαμβάνουσαι ὑψώματα.

ΑΙ ΕΠΙΧΕΙΡΗΣΕΙΣ ΕΙΣ ΤΟ ΖΟΙΑ
ΙΩΑΝΝΙΝΑ, 28. (Τοῦ ἀνταποκριτοῦ μας)

Αἱ ἐπιχειρήσεις τοῦ στρατοῦ εἰς τὴν περιοχὴν τοῦ Καϊμακτσαλὰν συνεχίζονται μὲ ἀμείωτον ἔντασιν. Αἱ συμμορίαι προβάλλουν λυσσώδη ἀντίστασιν, ἀλλὰ αἱ δυνάμεις μας προελαύνουν σταθερῶς καταλαμβάνουσαι ὑψώματα.
